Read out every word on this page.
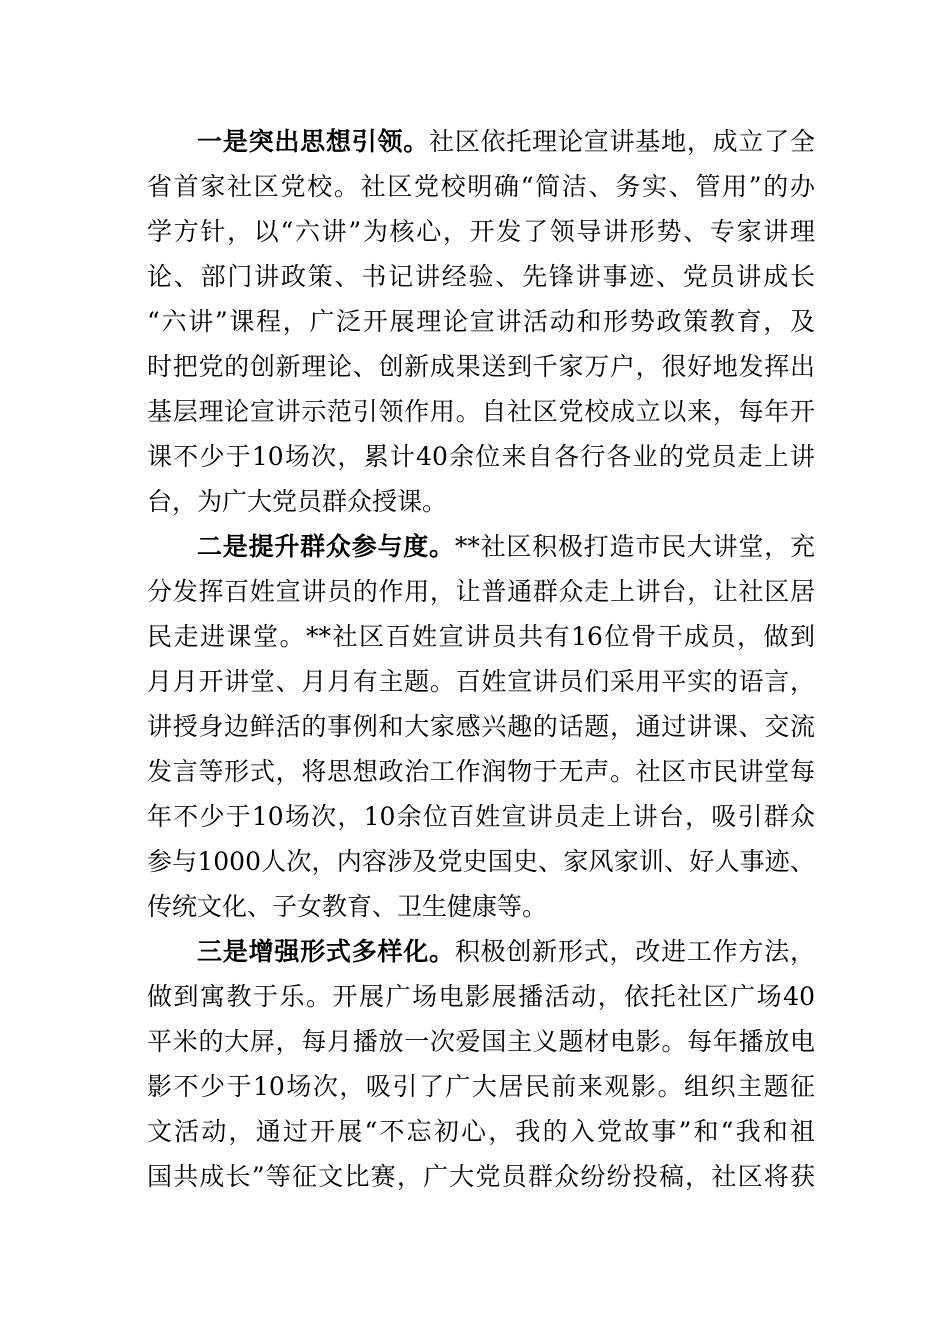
一是突出思想引领。社区依托理论宣讲基地，成立了全
省首家社区党校。社区党校明确“简洁、务实、管用”的办
学方针，以“六讲”为核心，开发了领导讲形势、专家讲理
论、部门讲政策、书记讲经验、先锋讲事迹、党员讲成长
“六讲”课程，广泛开展理论宣讲活动和形势政策教育，及
时把党的创新理论、创新成果送到千家万户，很好地发挥出
基层理论宣讲示范引领作用。自社区党校成立以来，每年开
课不少于10场次，累计40余位来自各行各业的党员走上讲
台，为广大党员群众授课。
二是提升群众参与度。**社区积极打造市民大讲堂，充
分发挥百姓宣讲员的作用，让普通群众走上讲台，让社区居
民走进课堂。**社区百姓宣讲员共有16位骨干成员，做到
月月开讲堂、月月有主题。百姓宣讲员们采用平实的语言，
讲授身边鲜活的事例和大家感兴趣的话题，通过讲课、交流
发言等形式，将思想政治工作润物于无声。社区市民讲堂每
年不少于10场次，10余位百姓宣讲员走上讲台，吸引群众
参与1000人次，内容涉及党史国史、家风家训、好人事迹、
传统文化、子女教育、卫生健康等。
三是增强形式多样化。积极创新形式，改进工作方法，
做到寓教于乐。开展广场电影展播活动，依托社区广场40
平米的大屏，每月播放一次爱国主义题材电影。每年播放电
影不少于10场次，吸引了广大居民前来观影。组织主题征
文活动，通过开展“不忘初心，我的入党故事”和“我和祖
国共成长”等征文比赛，广大党员群众纷纷投稿，社区将获
